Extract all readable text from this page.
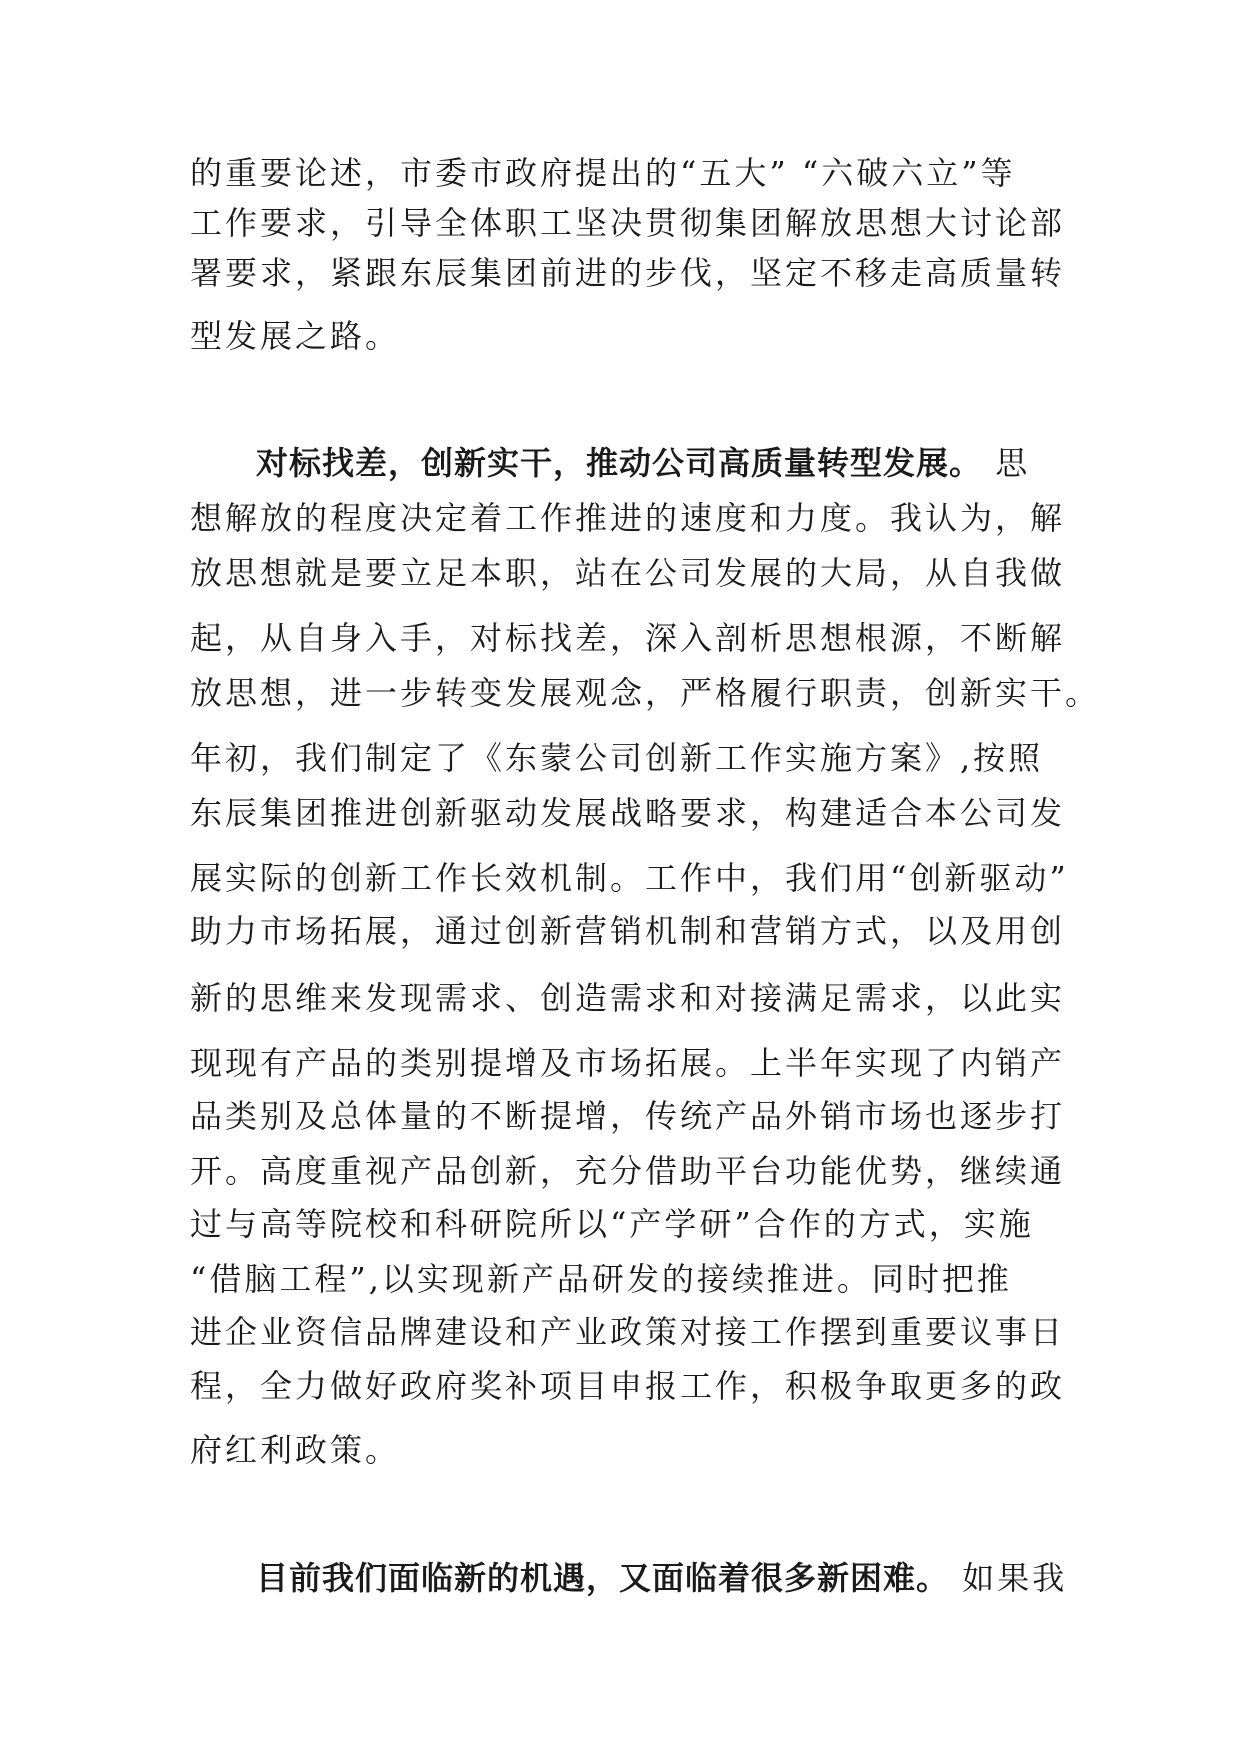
的重要论述，市委市政府提出的“五大” “六破六立”等
工作要求，引导全体职工坚决贯彻集团解放思想大讨论部
署要求，紧跟东辰集团前进的步伐，坚定不移走高质量转
型发展之路。
对标找差，创新实干，推动公司高质量转型发展。 思
想解放的程度决定着工作推进的速度和力度。我认为，解
放思想就是要立足本职，站在公司发展的大局，从自我做
起，从自身入手，对标找差，深入剖析思想根源，不断解
放思想，进一步转变发展观念，严格履行职责，创新实干。
年初，我们制定了《东蒙公司创新工作实施方案》,按照
东辰集团推进创新驱动发展战略要求，构建适合本公司发
展实际的创新工作长效机制。工作中，我们用“创新驱动”
助力市场拓展，通过创新营销机制和营销方式，以及用创
新的思维来发现需求、创造需求和对接满足需求，以此实
现现有产品的类别提增及市场拓展。上半年实现了内销产
品类别及总体量的不断提增，传统产品外销市场也逐步打
开。高度重视产品创新，充分借助平台功能优势，继续通
过与高等院校和科研院所以“产学研”合作的方式，实施
“借脑工程”,以实现新产品研发的接续推进。同时把推
进企业资信品牌建设和产业政策对接工作摆到重要议事日
程，全力做好政府奖补项目申报工作，积极争取更多的政
府红利政策。
目前我们面临新的机遇，又面临着很多新困难。 如果我
